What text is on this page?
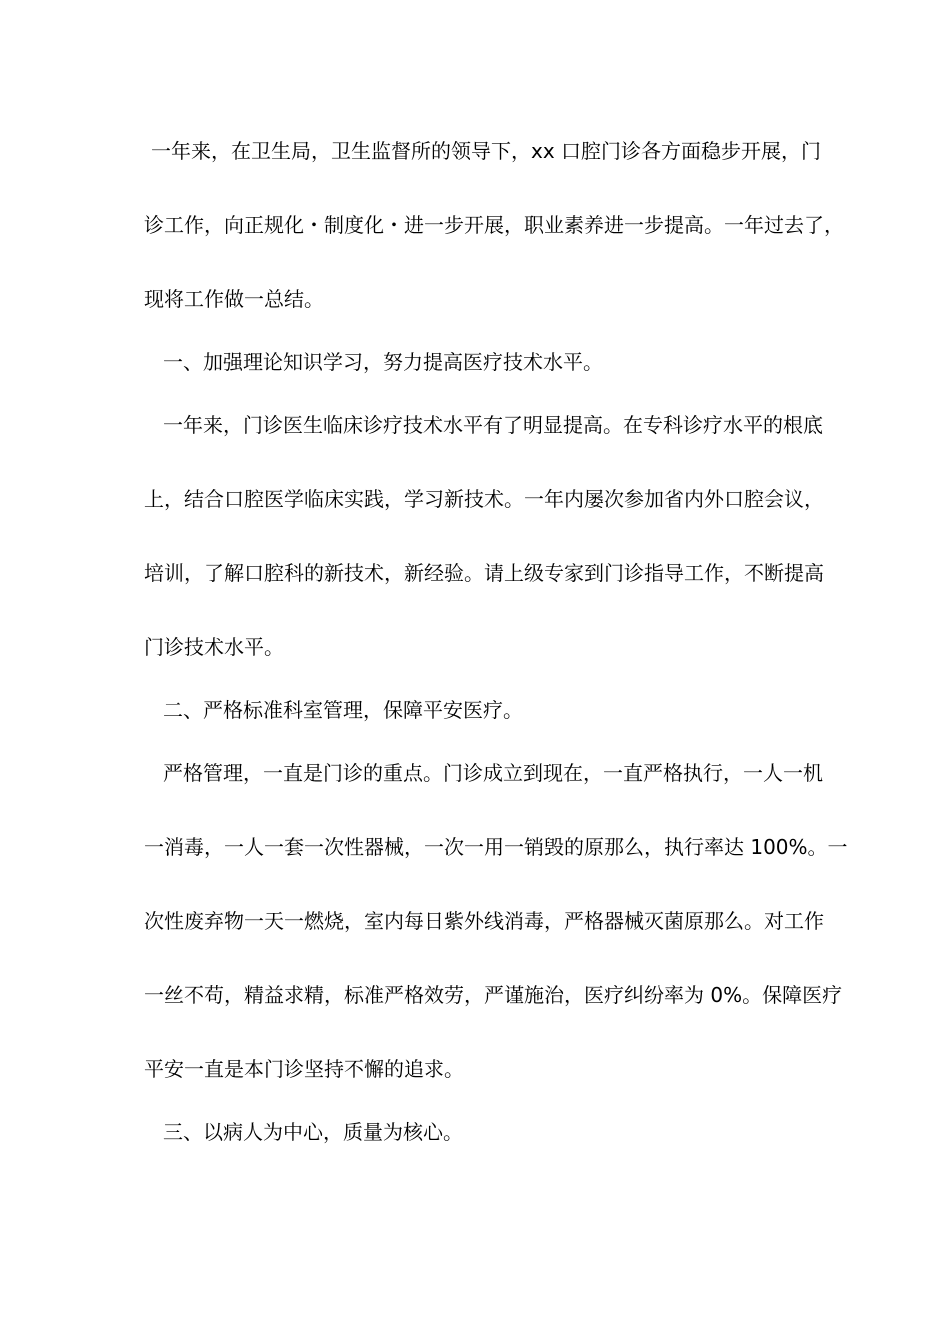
一年来，在卫生局，卫生监督所的领导下，xx 口腔门诊各方面稳步开展，门
诊工作，向正规化・制度化・进一步开展，职业素养进一步提高。一年过去了，
现将工作做一总结。
一、加强理论知识学习，努力提高医疗技术水平。
一年来，门诊医生临床诊疗技术水平有了明显提高。在专科诊疗水平的根底
上，结合口腔医学临床实践，学习新技术。一年内屡次参加省内外口腔会议，
培训，了解口腔科的新技术，新经验。请上级专家到门诊指导工作，不断提高
门诊技术水平。
二、严格标准科室管理，保障平安医疗。
严格管理，一直是门诊的重点。门诊成立到现在，一直严格执行，一人一机
一消毒，一人一套一次性器械，一次一用一销毁的原那么，执行率达 100%。一
次性废弃物一天一燃烧，室内每日紫外线消毒，严格器械灭菌原那么。对工作
一丝不苟，精益求精，标准严格效劳，严谨施治，医疗纠纷率为 0%。保障医疗
平安一直是本门诊坚持不懈的追求。
三、以病人为中心，质量为核心。
